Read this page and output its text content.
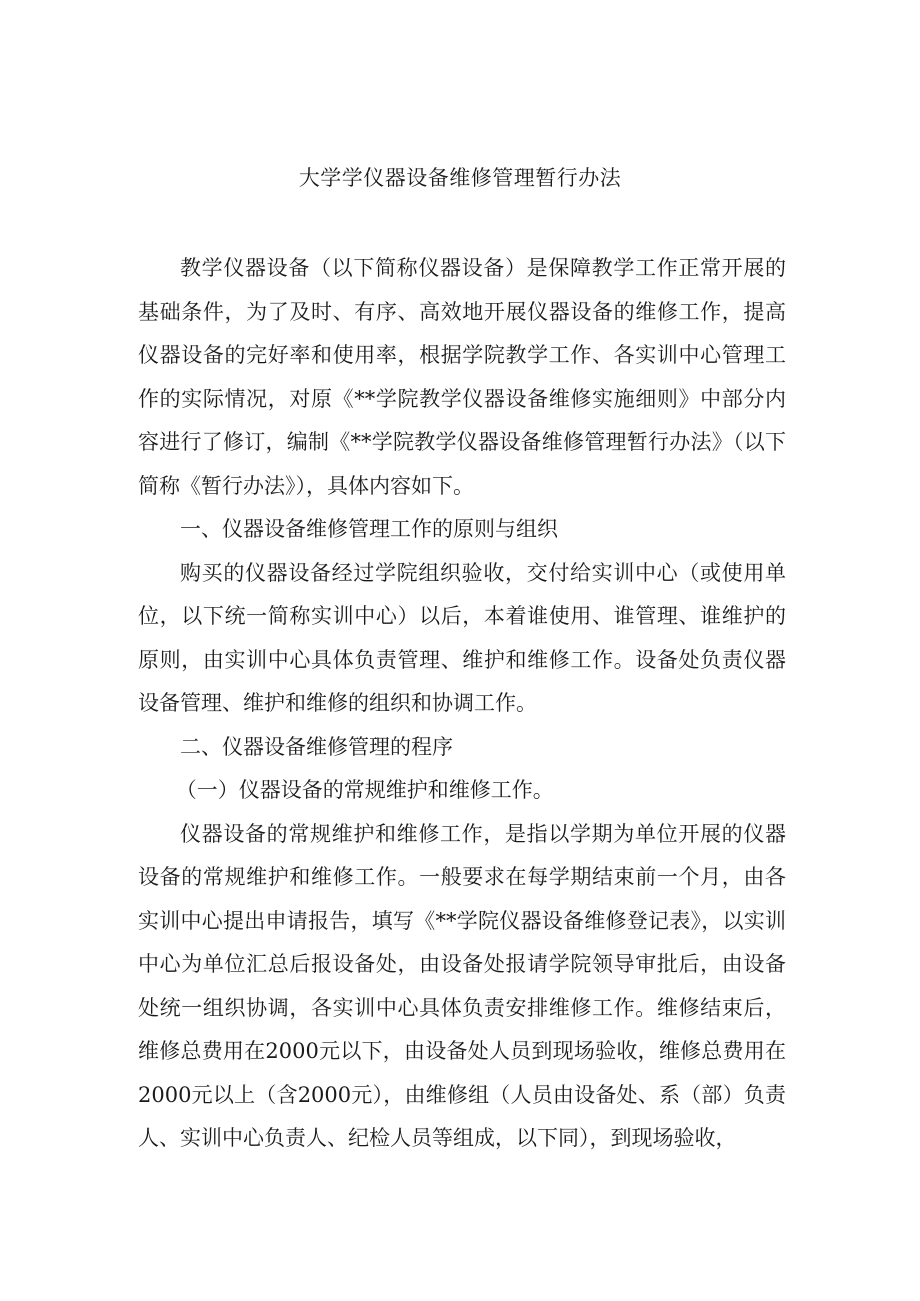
大学学仪器设备维修管理暂行办法

教学仪器设备（以下简称仪器设备）是保障教学工作正常开展的基础条件，为了及时、有序、高效地开展仪器设备的维修工作，提高仪器设备的完好率和使用率，根据学院教学工作、各实训中心管理工作的实际情况，对原《**学院教学仪器设备维修实施细则》中部分内容进行了修订，编制《**学院教学仪器设备维修管理暂行办法》（以下简称《暂行办法》），具体内容如下。

一、仪器设备维修管理工作的原则与组织

购买的仪器设备经过学院组织验收，交付给实训中心（或使用单位，以下统一简称实训中心）以后，本着谁使用、谁管理、谁维护的原则，由实训中心具体负责管理、维护和维修工作。设备处负责仪器设备管理、维护和维修的组织和协调工作。

二、仪器设备维修管理的程序

（一）仪器设备的常规维护和维修工作。

仪器设备的常规维护和维修工作，是指以学期为单位开展的仪器设备的常规维护和维修工作。一般要求在每学期结束前一个月，由各实训中心提出申请报告，填写《**学院仪器设备维修登记表》，以实训中心为单位汇总后报设备处，由设备处报请学院领导审批后，由设备处统一组织协调，各实训中心具体负责安排维修工作。维修结束后，维修总费用在2000元以下，由设备处人员到现场验收，维修总费用在2000元以上（含2000元），由维修组（人员由设备处、系（部）负责人、实训中心负责人、纪检人员等组成，以下同），到现场验收，
